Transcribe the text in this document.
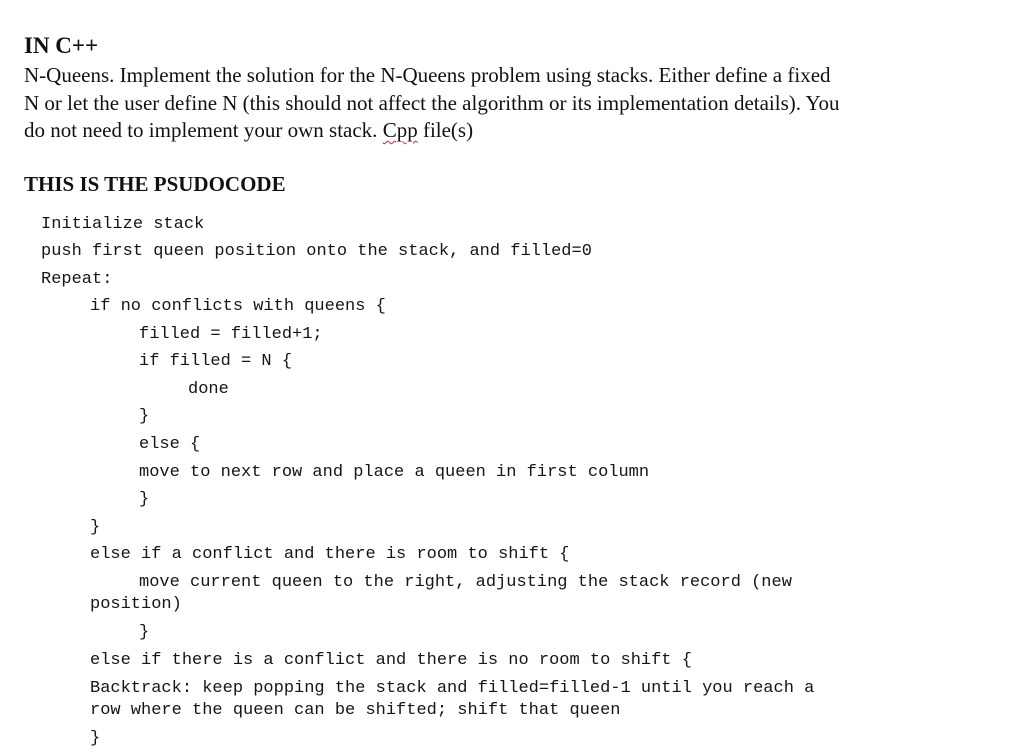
IN C++
N-Queens. Implement the solution for the N-Queens problem using stacks. Either define a fixed
N or let the user define N (this should not affect the algorithm or its implementation details). You
do not need to implement your own stack. Cpp file(s)
THIS IS THE PSUDOCODE
Initialize stack
push first queen position onto the stack, and filled=0
Repeat:
if no conflicts with queens {
filled = filled+1;
if filled = N {
done
}
else {
move to next row and place a queen in first column
}
}
else if a conflict and there is room to shift {
move current queen to the right, adjusting the stack record (new
position)
}
else if there is a conflict and there is no room to shift {
Backtrack: keep popping the stack and filled=filled-1 until you reach a
row where the queen can be shifted; shift that queen
}
